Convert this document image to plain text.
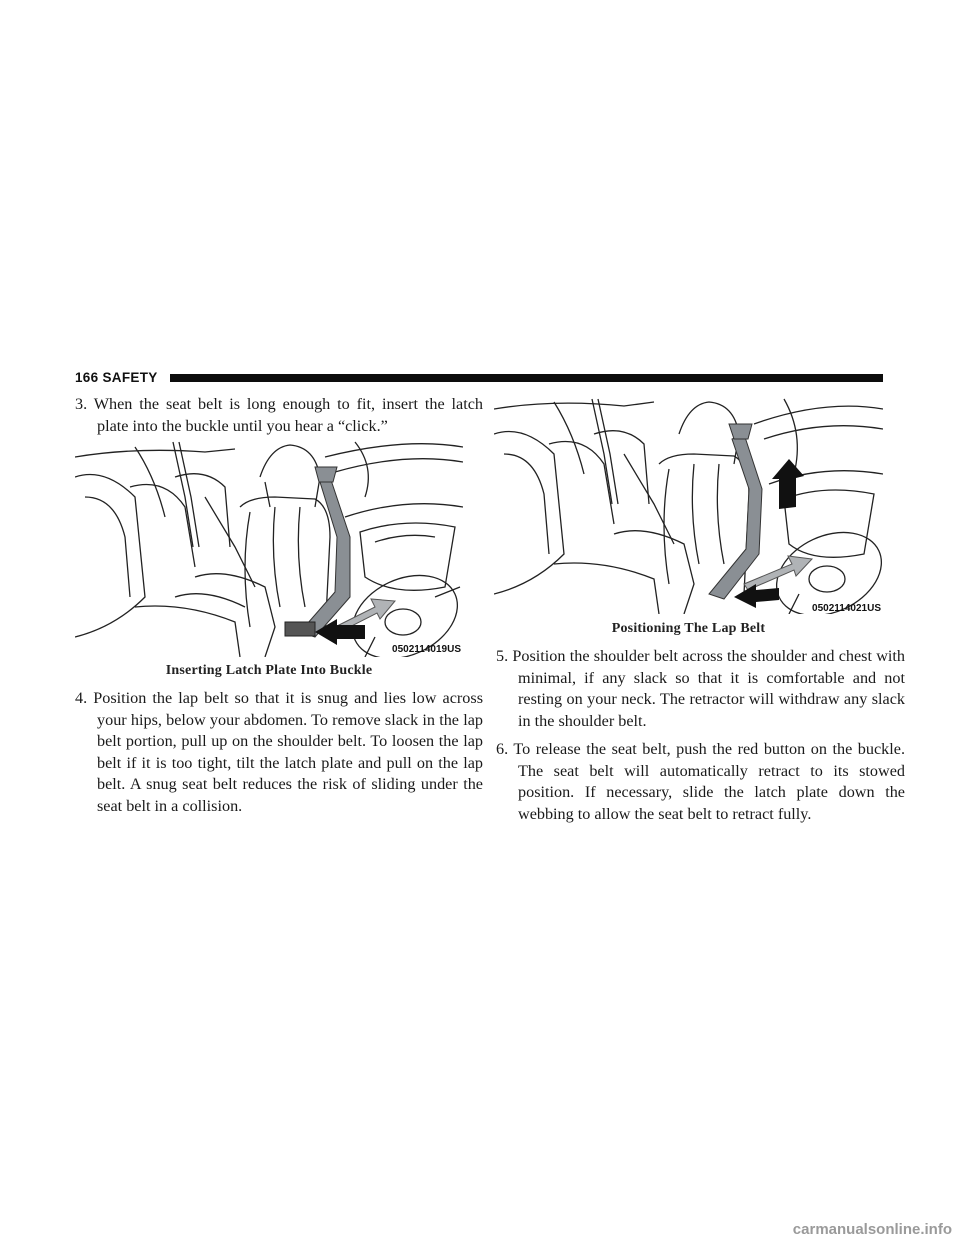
166 SAFETY

3. When the seat belt is long enough to fit, insert the latch plate into the buckle until you hear a “click.”

0502114019US
Inserting Latch Plate Into Buckle

4. Position the lap belt so that it is snug and lies low across your hips, below your abdomen. To remove slack in the lap belt portion, pull up on the shoulder belt. To loosen the lap belt if it is too tight, tilt the latch plate and pull on the lap belt. A snug seat belt reduces the risk of sliding under the seat belt in a collision.

0502114021US
Positioning The Lap Belt

5. Position the shoulder belt across the shoulder and chest with minimal, if any slack so that it is comfortable and not resting on your neck. The retractor will withdraw any slack in the shoulder belt.

6. To release the seat belt, push the red button on the buckle. The seat belt will automatically retract to its stowed position. If necessary, slide the latch plate down the webbing to allow the seat belt to retract fully.

carmanualsonline.info
